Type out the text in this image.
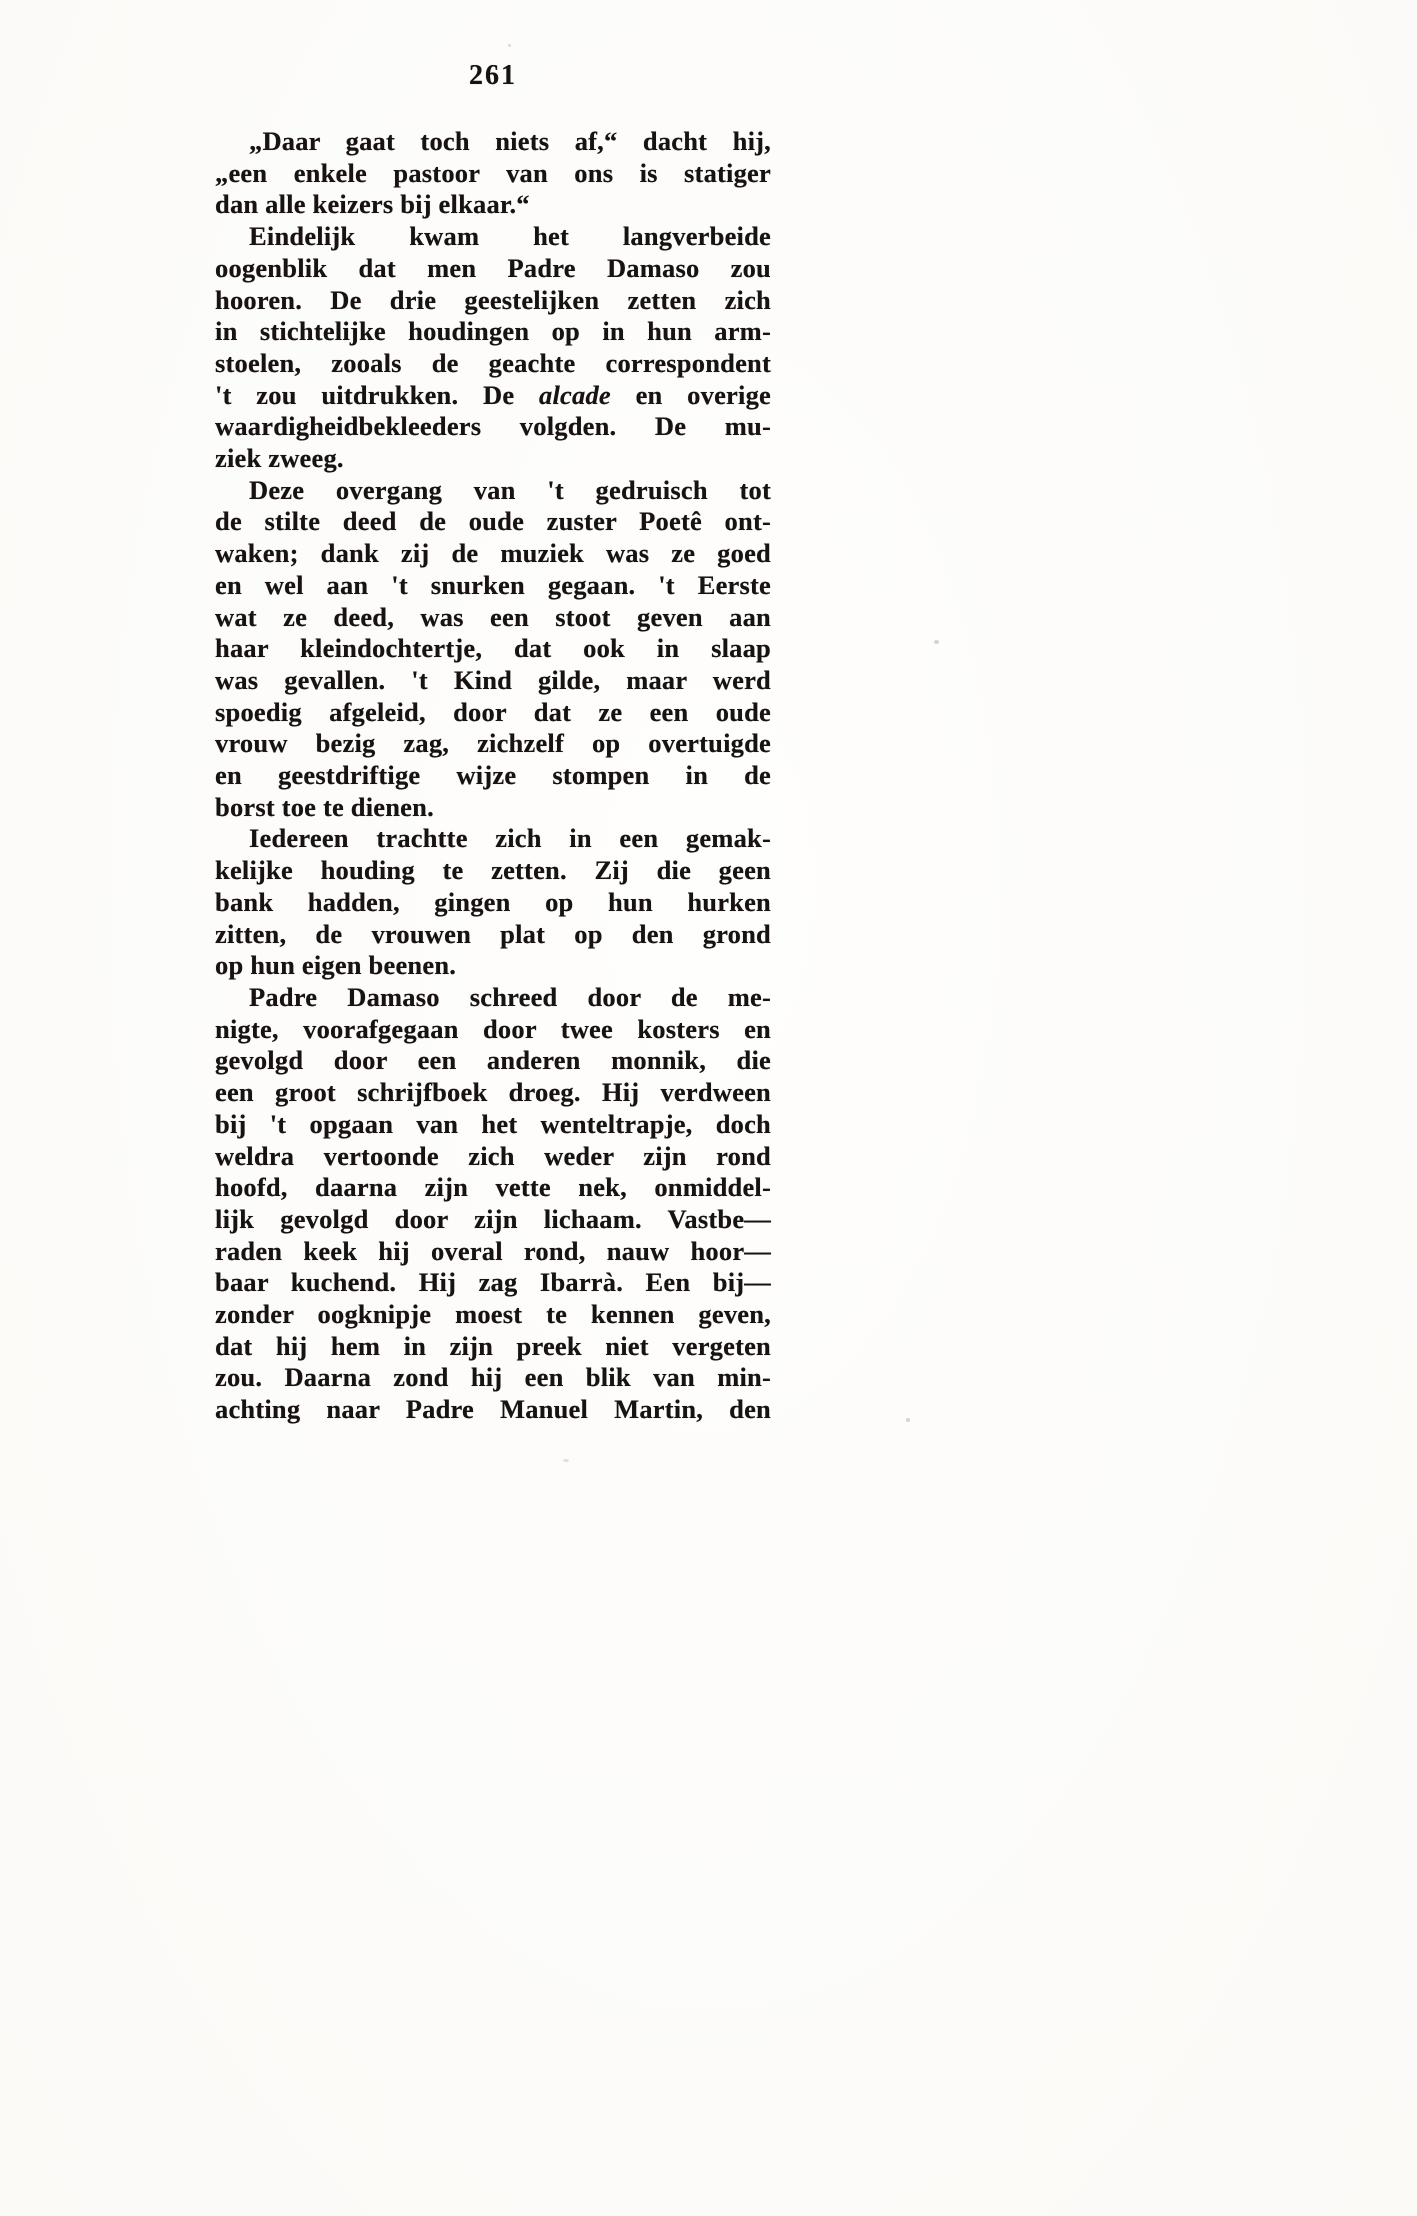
261
„Daar gaat toch niets af,“ dacht hij,
„een enkele pastoor van ons is statiger
dan alle keizers bij elkaar.“
Eindelijk kwam het langverbeide
oogenblik dat men Padre Damaso zou
hooren. De drie geestelijken zetten zich
in stichtelijke houdingen op in hun arm-
stoelen, zooals de geachte correspondent
't zou uitdrukken. De alcade en overige
waardigheidbekleeders volgden. De mu-
ziek zweeg.
Deze overgang van 't gedruisch tot
de stilte deed de oude zuster Poetê ont-
waken; dank zij de muziek was ze goed
en wel aan 't snurken gegaan. 't Eerste
wat ze deed, was een stoot geven aan
haar kleindochtertje, dat ook in slaap
was gevallen. 't Kind gilde, maar werd
spoedig afgeleid, door dat ze een oude
vrouw bezig zag, zichzelf op overtuigde
en geestdriftige wijze stompen in de
borst toe te dienen.
Iedereen trachtte zich in een gemak-
kelijke houding te zetten. Zij die geen
bank hadden, gingen op hun hurken
zitten, de vrouwen plat op den grond
op hun eigen beenen.
Padre Damaso schreed door de me-
nigte, voorafgegaan door twee kosters en
gevolgd door een anderen monnik, die
een groot schrijfboek droeg. Hij verdween
bij 't opgaan van het wenteltrapje, doch
weldra vertoonde zich weder zijn rond
hoofd, daarna zijn vette nek, onmiddel-
lijk gevolgd door zijn lichaam. Vastbe—
raden keek hij overal rond, nauw hoor—
baar kuchend. Hij zag Ibarrà. Een bij—
zonder oogknipje moest te kennen geven,
dat hij hem in zijn preek niet vergeten
zou. Daarna zond hij een blik van min-
achting naar Padre Manuel Martin, den
